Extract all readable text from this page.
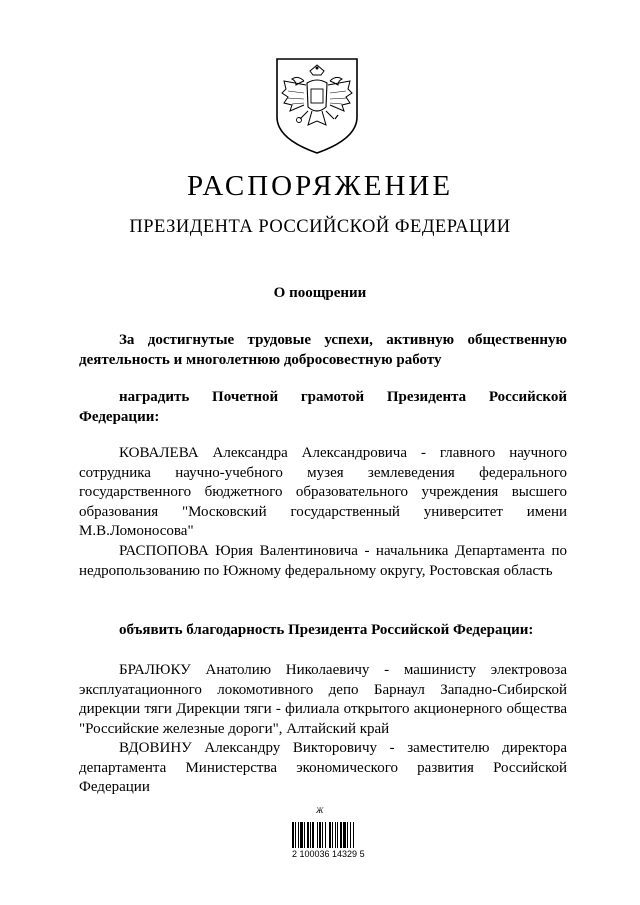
РАСПОРЯЖЕНИЕ
ПРЕЗИДЕНТА РОССИЙСКОЙ ФЕДЕРАЦИИ
О поощрении
За достигнутые трудовые успехи, активную общественную деятельность и многолетнюю добросовестную работу
наградить Почетной грамотой Президента Российской Федерации:
КОВАЛЕВА Александра Александровича - главного научного сотрудника научно-учебного музея землеведения федерального государственного бюджетного образовательного учреждения высшего образования "Московский государственный университет имени М.В.Ломоносова"
РАСПОПОВА Юрия Валентиновича - начальника Департамента по недропользованию по Южному федеральному округу, Ростовская область
объявить благодарность Президента Российской Федерации:
БРАЛЮКУ Анатолию Николаевичу - машинисту электровоза эксплуатационного локомотивного депо Барнаул Западно-Сибирской дирекции тяги Дирекции тяги - филиала открытого акционерного общества "Российские железные дороги", Алтайский край
ВДОВИНУ Александру Викторовичу - заместителю директора департамента Министерства экономического развития Российской Федерации
Ж
2 100036 14329 5
